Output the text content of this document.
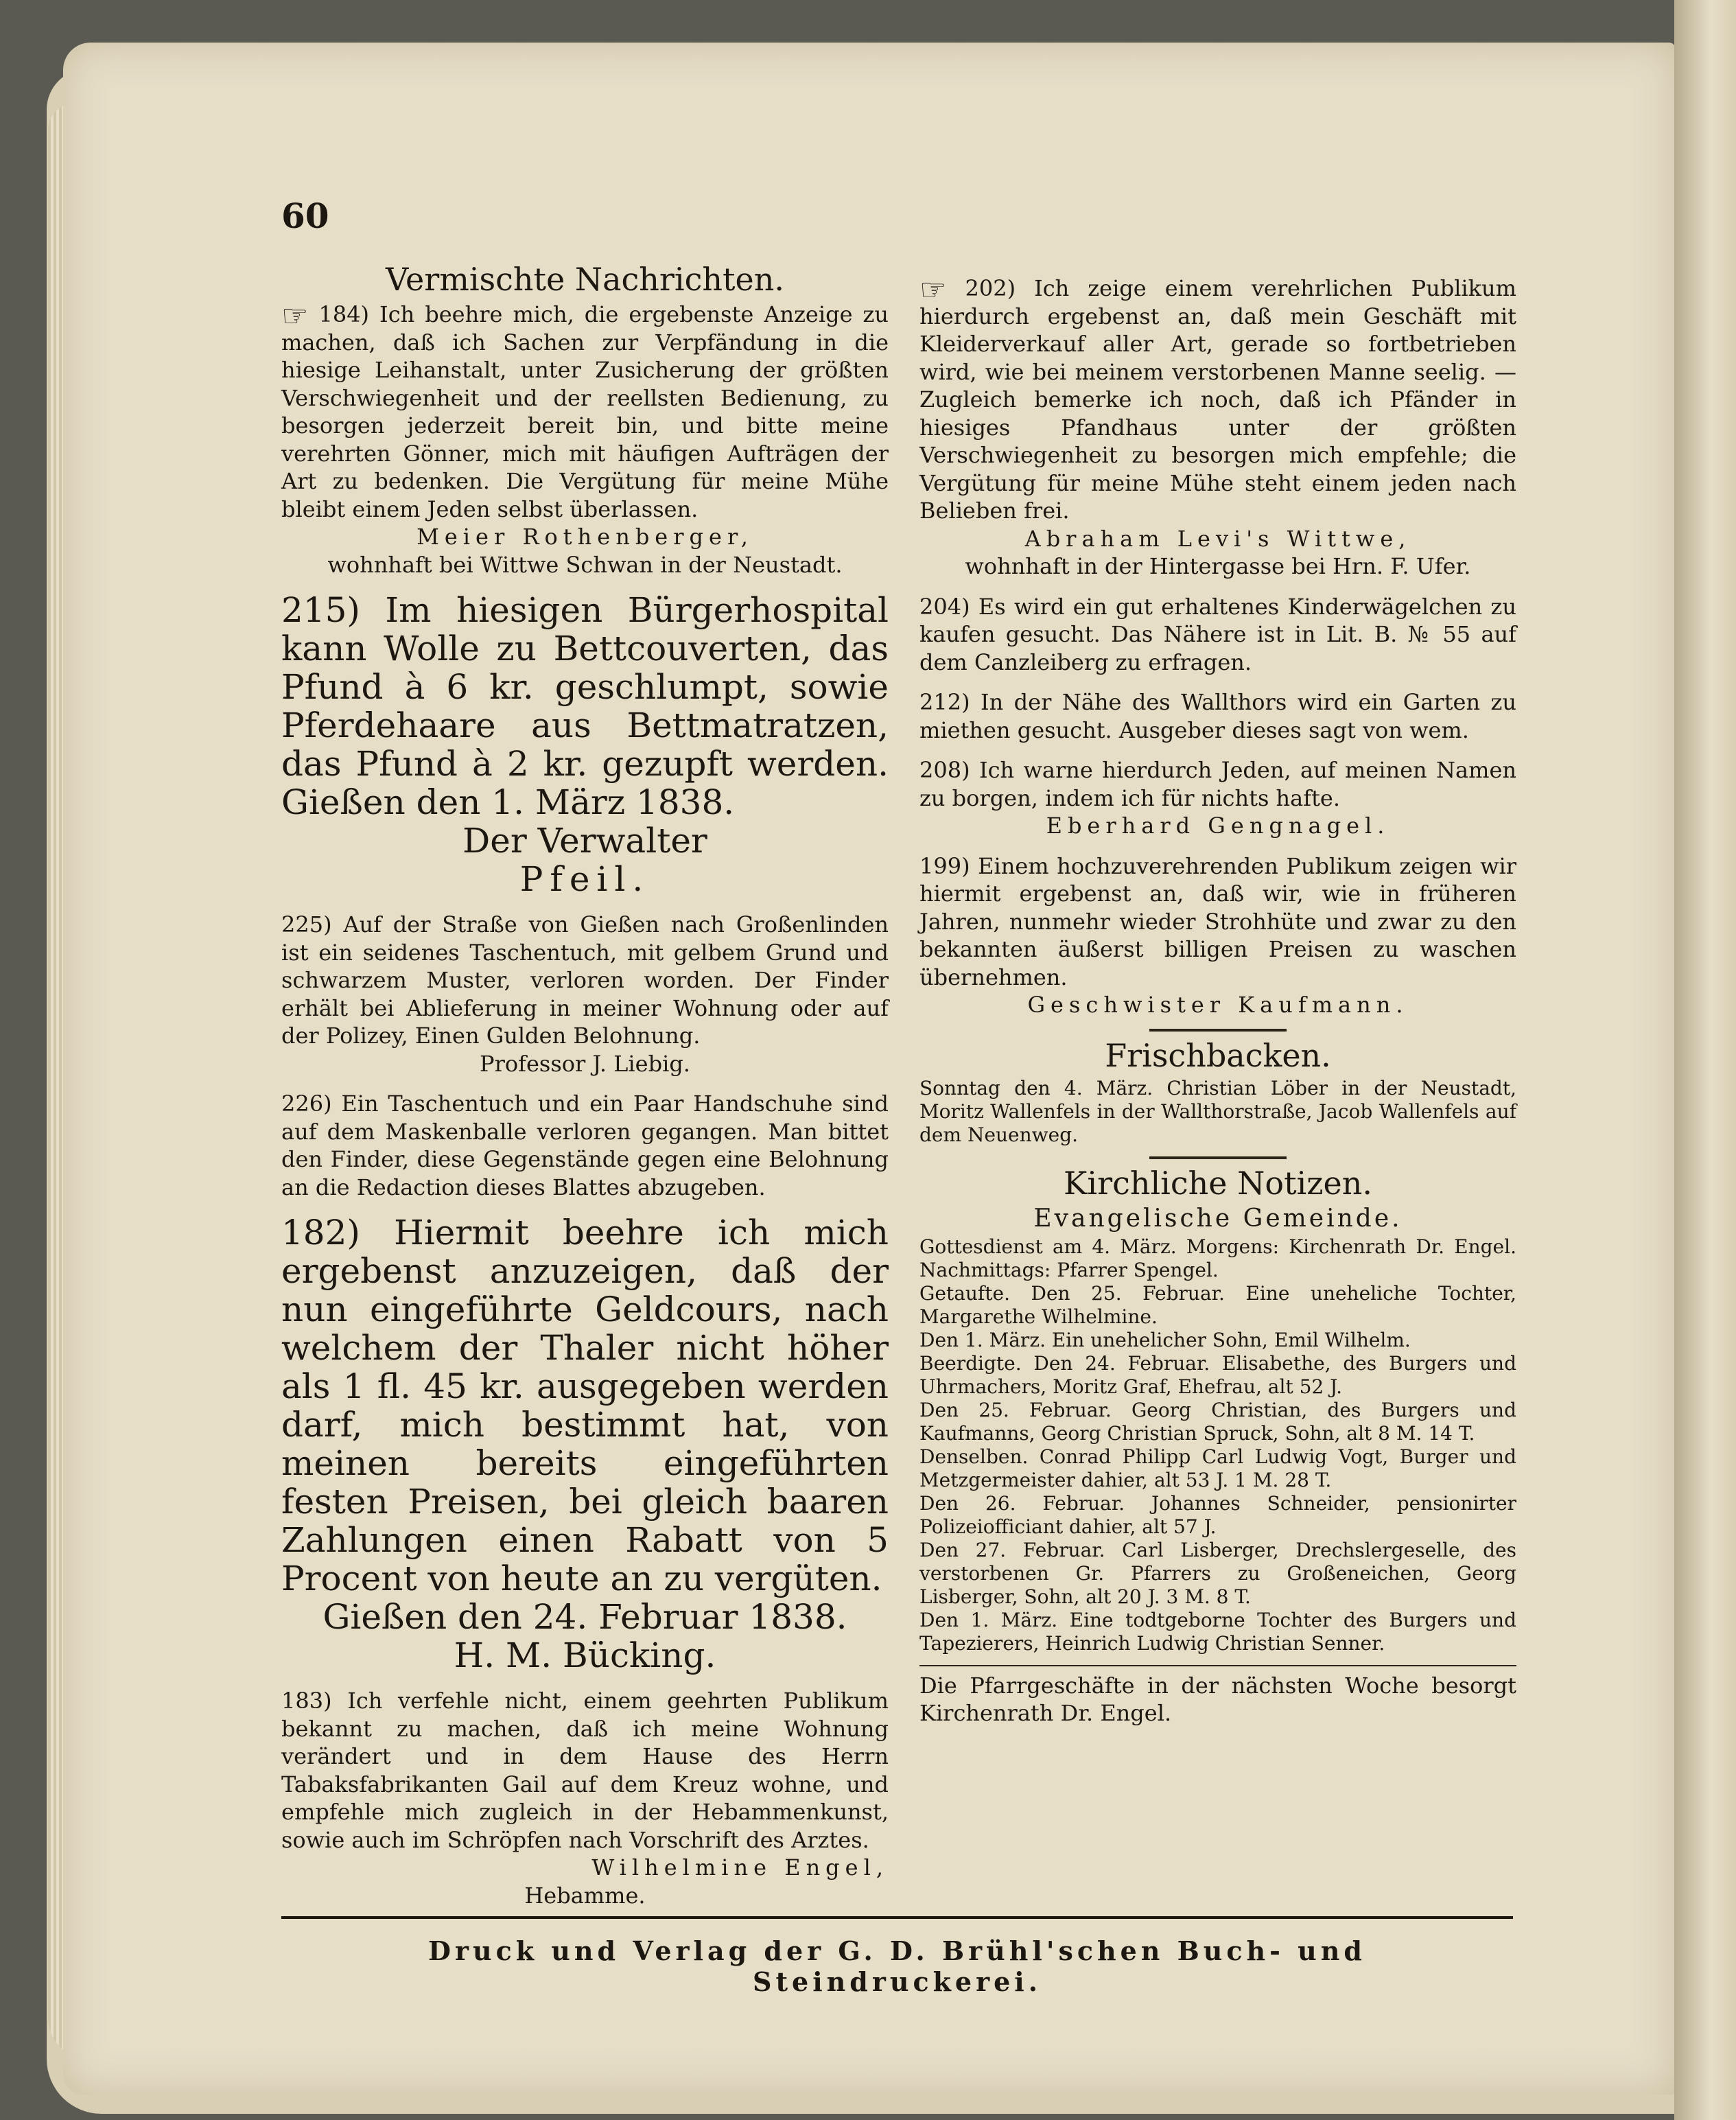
60

Vermischte Nachrichten.

☞ 184) Ich beehre mich, die ergebenste Anzeige zu machen, daß ich Sachen zur Verpfändung in die hiesige Leihanstalt, unter Zusicherung der größten Verschwiegenheit und der reellsten Bedienung, zu besorgen jederzeit bereit bin, und bitte meine verehrten Gönner, mich mit häufigen Aufträgen der Art zu bedenken. Die Vergütung für meine Mühe bleibt einem Jeden selbst überlassen.

Meier Rothenberger,

wohnhaft bei Wittwe Schwan in der Neustadt.

215) Im hiesigen Bürgerhospital kann Wolle zu Bettcouverten, das Pfund à 6 kr. geschlumpt, sowie Pferdehaare aus Bettmatratzen, das Pfund à 2 kr. gezupft werden. Gießen den 1. März 1838.

Der Verwalter

Pfeil.

225) Auf der Straße von Gießen nach Großenlinden ist ein seidenes Taschentuch, mit gelbem Grund und schwarzem Muster, verloren worden. Der Finder erhält bei Ablieferung in meiner Wohnung oder auf der Polizey, Einen Gulden Belohnung.

Professor J. Liebig.

226) Ein Taschentuch und ein Paar Handschuhe sind auf dem Maskenballe verloren gegangen. Man bittet den Finder, diese Gegenstände gegen eine Belohnung an die Redaction dieses Blattes abzugeben.

182) Hiermit beehre ich mich ergebenst anzuzeigen, daß der nun eingeführte Geldcours, nach welchem der Thaler nicht höher als 1 fl. 45 kr. ausgegeben werden darf, mich bestimmt hat, von meinen bereits eingeführten festen Preisen, bei gleich baaren Zahlungen einen Rabatt von 5 Procent von heute an zu vergüten.

Gießen den 24. Februar 1838.

H. M. Bücking.

183) Ich verfehle nicht, einem geehrten Publikum bekannt zu machen, daß ich meine Wohnung verändert und in dem Hause des Herrn Tabaksfabrikanten Gail auf dem Kreuz wohne, und empfehle mich zugleich in der Hebammenkunst, sowie auch im Schröpfen nach Vorschrift des Arztes.

Wilhelmine Engel,

Hebamme.

☞ 202) Ich zeige einem verehrlichen Publikum hierdurch ergebenst an, daß mein Geschäft mit Kleiderverkauf aller Art, gerade so fortbetrieben wird, wie bei meinem verstorbenen Manne seelig. — Zugleich bemerke ich noch, daß ich Pfänder in hiesiges Pfandhaus unter der größten Verschwiegenheit zu besorgen mich empfehle; die Vergütung für meine Mühe steht einem jeden nach Belieben frei.

Abraham Levi's Wittwe,

wohnhaft in der Hintergasse bei Hrn. F. Ufer.

204) Es wird ein gut erhaltenes Kinderwägelchen zu kaufen gesucht. Das Nähere ist in Lit. B. № 55 auf dem Canzleiberg zu erfragen.

212) In der Nähe des Wallthors wird ein Garten zu miethen gesucht. Ausgeber dieses sagt von wem.

208) Ich warne hierdurch Jeden, auf meinen Namen zu borgen, indem ich für nichts hafte.

Eberhard Gengnagel.

199) Einem hochzuverehrenden Publikum zeigen wir hiermit ergebenst an, daß wir, wie in früheren Jahren, nunmehr wieder Strohhüte und zwar zu den bekannten äußerst billigen Preisen zu waschen übernehmen.

Geschwister Kaufmann.

Frischbacken.

Sonntag den 4. März. Christian Löber in der Neustadt, Moritz Wallenfels in der Wallthorstraße, Jacob Wallenfels auf dem Neuenweg.

Kirchliche Notizen.

Evangelische Gemeinde.

Gottesdienst am 4. März. Morgens: Kirchenrath Dr. Engel. Nachmittags: Pfarrer Spengel.

Getaufte. Den 25. Februar. Eine uneheliche Tochter, Margarethe Wilhelmine.

Den 1. März. Ein unehelicher Sohn, Emil Wilhelm.

Beerdigte. Den 24. Februar. Elisabethe, des Burgers und Uhrmachers, Moritz Graf, Ehefrau, alt 52 J.

Den 25. Februar. Georg Christian, des Burgers und Kaufmanns, Georg Christian Spruck, Sohn, alt 8 M. 14 T.

Denselben. Conrad Philipp Carl Ludwig Vogt, Burger und Metzgermeister dahier, alt 53 J. 1 M. 28 T.

Den 26. Februar. Johannes Schneider, pensionirter Polizeiofficiant dahier, alt 57 J.

Den 27. Februar. Carl Lisberger, Drechslergeselle, des verstorbenen Gr. Pfarrers zu Großeneichen, Georg Lisberger, Sohn, alt 20 J. 3 M. 8 T.

Den 1. März. Eine todtgeborne Tochter des Burgers und Tapezierers, Heinrich Ludwig Christian Senner.

Die Pfarrgeschäfte in der nächsten Woche besorgt Kirchenrath Dr. Engel.

Druck und Verlag der G. D. Brühl'schen Buch- und Steindruckerei.
